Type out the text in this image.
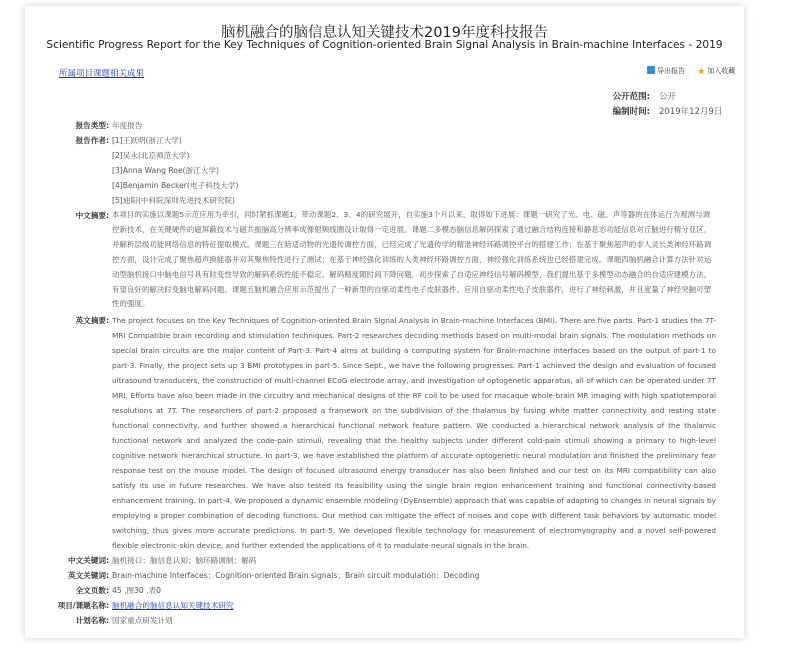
脑机融合的脑信息认知关键技术2019年度科技报告
Scientific Progress Report for the Key Techniques of Cognition-oriented Brain Signal Analysis in Brain-machine Interfaces - 2019
所属项目课题相关成果	导出报告 ★ 加入收藏
公开范围: 公开
编制时间: 2019年12月9日
报告类型: 年度报告
报告作者: [1]王跃明(浙江大学)
[2]吴永(北京师范大学)
[3]Anna Wang Roe(浙江大学)
[4]Benjamin Becker(电子科技大学)
[5]迪阳(中科院深圳先进技术研究院)
中文摘要: 本项目的实施以课题5示范应用为牵引，同时紧抓课题1，带动课题2、3、4的研究展开，自实施3个月以来，取得如下进展：课题一研究了光、电、磁、声等器的在体运行为观测与调控新技术，在关键硬件的磁屏蔽技术与磁共振脑高分辨率成像射频线圈设计取得一定进展。课题二多模态脑信息解码探索了通过融合结构连接和静息态功能信息对丘脑进行精分亚区，并解析层级功能网络信息的特征提取模式。课题三在暗适动物的光遗传调控方面，已经完成了光遗传学的精准神经环路调控平台的搭建工作；在基于聚焦超声的非人灵长类神经环路调控方面，设计完成了聚焦超声换能器并对其聚焦特性进行了测试；在基于神经强化训练的人类神经环路调控方面，神经强化训练系统也已经搭建完成。课题四脑机融合计算方法针对运动型脑机接口中脑电信号具有时变性导致的解码系统性能不稳定、解码精度随时间下降问题，初步探索了自适应神经信号解码模型，我们提出基于多模型动态融合的自适应建模方法，有望良好的解决时变脑电解码问题。课题五脑机融合应用示范提出了一种新型的自驱动柔性电子皮肤器件，应用自驱动柔性电子皮肤器件，进行了神经刺激，并且度量了神经突触可塑性的强度。
英文摘要: The project focuses on the Key Techniques of Cognition-oriented Brain Signal Analysis in Brain-machine Interfaces (BMI). There are five parts. Part-1 studies the 7T-MRI Compatible brain recording and stimulation techniques. Part-2 researches decoding methods based on multi-modal brain signals. The modulation methods on special brain circuits are the major content of Part-3. Part-4 aims at building a computing system for Brain-machine interfaces based on the output of part-1 to part-3. Finally, the project sets up 3 BMI prototypes in part-5. Since Sept., we have the following progresses. Part-1 achieved the design and evaluation of focused ultrasound transducers, the construction of multi-channel ECoG electrode array, and investigation of optogenetic apparatus, all of which can be operated under 7T MRI. Efforts have also been made in the circuitry and mechanical designs of the RF coil to be used for macaque whole-brain MR imaging with high spatiotemporal resolutions at 7T. The researchers of part-2 proposed a framework on the subdivision of the thalamus by fusing white matter connectivity and resting state functional connectivity, and further showed a hierarchical functional network feature pattern. We conducted a hierarchical network analysis of the thalamic functional network and analyzed the code-pain stimuli, revealing that the healthy subjects under different cold-pain stimuli showing a primary to high-level cognitive network hierarchical structure. In part-3, we have established the platform of accurate optogenetic neural modulation and finished the preliminary fear response test on the mouse model. The design of focused ultrasound energy transducer has also been finished and our test on its MRI compatibility can also satisfy its use in future researches. We have also tested its feasibility using the single brain region enhancement training and functional connectivity-based enhancement training. In part-4, We proposed a dynamic ensemble modeling (DyEnsemble) approach that was capable of adapting to changes in neural signals by employing a proper combination of decoding functions. Our method can mitigate the effect of noises and cope with different task behaviors by automatic model switching, thus gives more accurate predictions. In part-5, We developed flexible technology for measurement of electromyography and a novel self-powered flexible electronic-skin device, and further extended the applications of it to modulate neural signals in the brain.
中文关键词: 脑机接口；脑信息认知；脑环路调制；解码
英文关键词: Brain-machine Interfaces；Cognition-oriented Brain signals；Brain circuit modulation；Decoding
全文页数: 45 ,图30 ,表0
项目/课题名称: 脑机融合的脑信息认知关键技术研究
计划名称: 国家重点研发计划
